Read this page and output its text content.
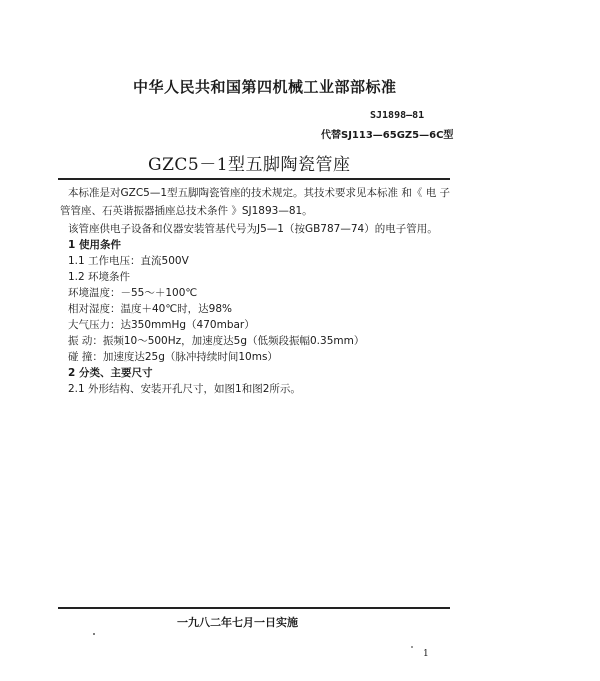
中华人民共和国第四机械工业部部标准
SJ1898—81
代替SJ113—65GZ5—6C型
GZC5－1型五脚陶瓷管座
本标准是对GZC5—1型五脚陶瓷管座的技术规定。其技术要求见本标准 和《 电 子
管管座、石英谐振器插座总技术条件 》SJ1893—81。
该管座供电子设备和仪器安装管基代号为J5—1（按GB787—74）的电子管用。
1 使用条件
1.1 工作电压：直流500V
1.2 环境条件
环境温度：－55～＋100℃
相对湿度：温度＋40℃时，达98%
大气压力：达350mmHg（470mbar）
振 动：振频10～500Hz，加速度达5g（低频段振幅0.35mm）
碰 撞：加速度达25g（脉冲持续时间10ms）
2 分类、主要尺寸
2.1 外形结构、安装开孔尺寸，如图1和图2所示。
一九八二年七月一日实施
1
